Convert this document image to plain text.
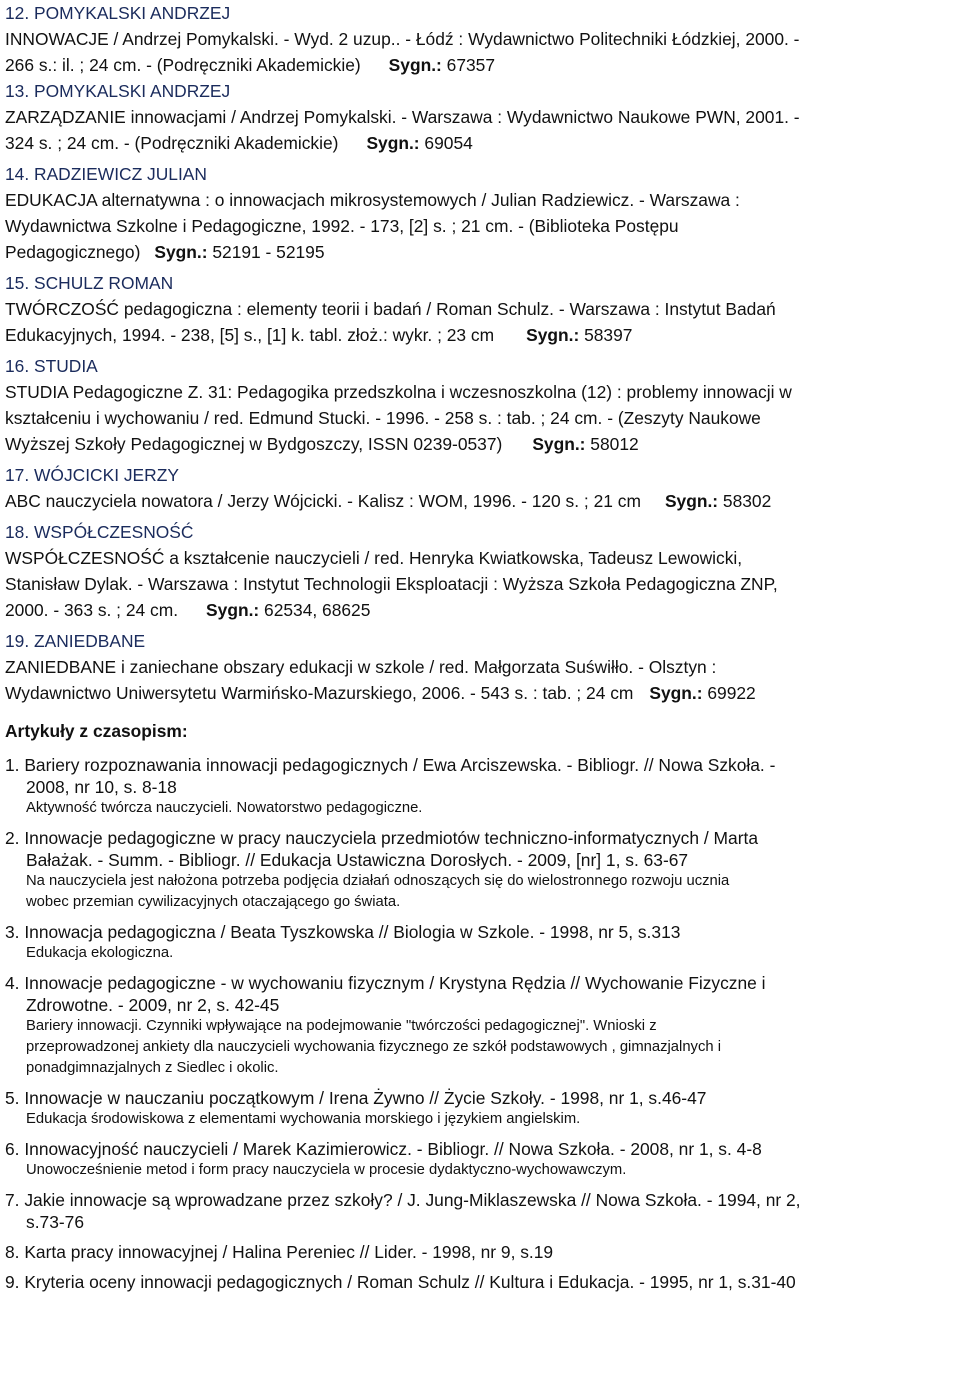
12. POMYKALSKI ANDRZEJ
INNOWACJE / Andrzej Pomykalski. - Wyd. 2 uzup.. - Łódź : Wydawnictwo Politechniki Łódzkiej, 2000. -
266 s.: il. ; 24 cm. - (Podręczniki Akademickie) Sygn.: 67357
13. POMYKALSKI ANDRZEJ
ZARZĄDZANIE innowacjami / Andrzej Pomykalski. - Warszawa : Wydawnictwo Naukowe PWN, 2001. -
324 s. ; 24 cm. - (Podręczniki Akademickie) Sygn.: 69054
14. RADZIEWICZ JULIAN
EDUKACJA alternatywna : o innowacjach mikrosystemowych / Julian Radziewicz. - Warszawa :
Wydawnictwa Szkolne i Pedagogiczne, 1992. - 173, [2] s. ; 21 cm. - (Biblioteka Postępu
Pedagogicznego) Sygn.: 52191 - 52195
15. SCHULZ ROMAN
TWÓRCZOŚĆ pedagogiczna : elementy teorii i badań / Roman Schulz. - Warszawa : Instytut Badań
Edukacyjnych, 1994. - 238, [5] s., [1] k. tabl. złoż.: wykr. ; 23 cm Sygn.: 58397
16. STUDIA
STUDIA Pedagogiczne Z. 31: Pedagogika przedszkolna i wczesnoszkolna (12) : problemy innowacji w
kształceniu i wychowaniu / red. Edmund Stucki. - 1996. - 258 s. : tab. ; 24 cm. - (Zeszyty Naukowe
Wyższej Szkoły Pedagogicznej w Bydgoszczy, ISSN 0239-0537) Sygn.: 58012
17. WÓJCICKI JERZY
ABC nauczyciela nowatora / Jerzy Wójcicki. - Kalisz : WOM, 1996. - 120 s. ; 21 cm Sygn.: 58302
18. WSPÓŁCZESNOŚĆ
WSPÓŁCZESNOŚĆ a kształcenie nauczycieli / red. Henryka Kwiatkowska, Tadeusz Lewowicki,
Stanisław Dylak. - Warszawa : Instytut Technologii Eksploatacji : Wyższa Szkoła Pedagogiczna ZNP,
2000. - 363 s. ; 24 cm. Sygn.: 62534, 68625
19. ZANIEDBANE
ZANIEDBANE i zaniechane obszary edukacji w szkole / red. Małgorzata Suświłło. - Olsztyn :
Wydawnictwo Uniwersytetu Warmińsko-Mazurskiego, 2006. - 543 s. : tab. ; 24 cm Sygn.: 69922
Artykuły z czasopism:
1. Bariery rozpoznawania innowacji pedagogicznych / Ewa Arciszewska. - Bibliogr. // Nowa Szkoła. -
2008, nr 10, s. 8-18
Aktywność twórcza nauczycieli. Nowatorstwo pedagogiczne.
2. Innowacje pedagogiczne w pracy nauczyciela przedmiotów techniczno-informatycznych / Marta
Bałażak. - Summ. - Bibliogr. // Edukacja Ustawiczna Dorosłych. - 2009, [nr] 1, s. 63-67
Na nauczyciela jest nałożona potrzeba podjęcia działań odnoszących się do wielostronnego rozwoju ucznia
wobec przemian cywilizacyjnych otaczającego go świata.
3. Innowacja pedagogiczna / Beata Tyszkowska // Biologia w Szkole. - 1998, nr 5, s.313
Edukacja ekologiczna.
4. Innowacje pedagogiczne - w wychowaniu fizycznym / Krystyna Rędzia // Wychowanie Fizyczne i
Zdrowotne. - 2009, nr 2, s. 42-45
Bariery innowacji. Czynniki wpływające na podejmowanie "twórczości pedagogicznej". Wnioski z
przeprowadzonej ankiety dla nauczycieli wychowania fizycznego ze szkół podstawowych , gimnazjalnych i
ponadgimnazjalnych z Siedlec i okolic.
5. Innowacje w nauczaniu początkowym / Irena Żywno // Życie Szkoły. - 1998, nr 1, s.46-47
Edukacja środowiskowa z elementami wychowania morskiego i językiem angielskim.
6. Innowacyjność nauczycieli / Marek Kazimierowicz. - Bibliogr. // Nowa Szkoła. - 2008, nr 1, s. 4-8
Unowocześnienie metod i form pracy nauczyciela w procesie dydaktyczno-wychowawczym.
7. Jakie innowacje są wprowadzane przez szkoły? / J. Jung-Miklaszewska // Nowa Szkoła. - 1994, nr 2,
s.73-76
8. Karta pracy innowacyjnej / Halina Pereniec // Lider. - 1998, nr 9, s.19
9. Kryteria oceny innowacji pedagogicznych / Roman Schulz // Kultura i Edukacja. - 1995, nr 1, s.31-40
